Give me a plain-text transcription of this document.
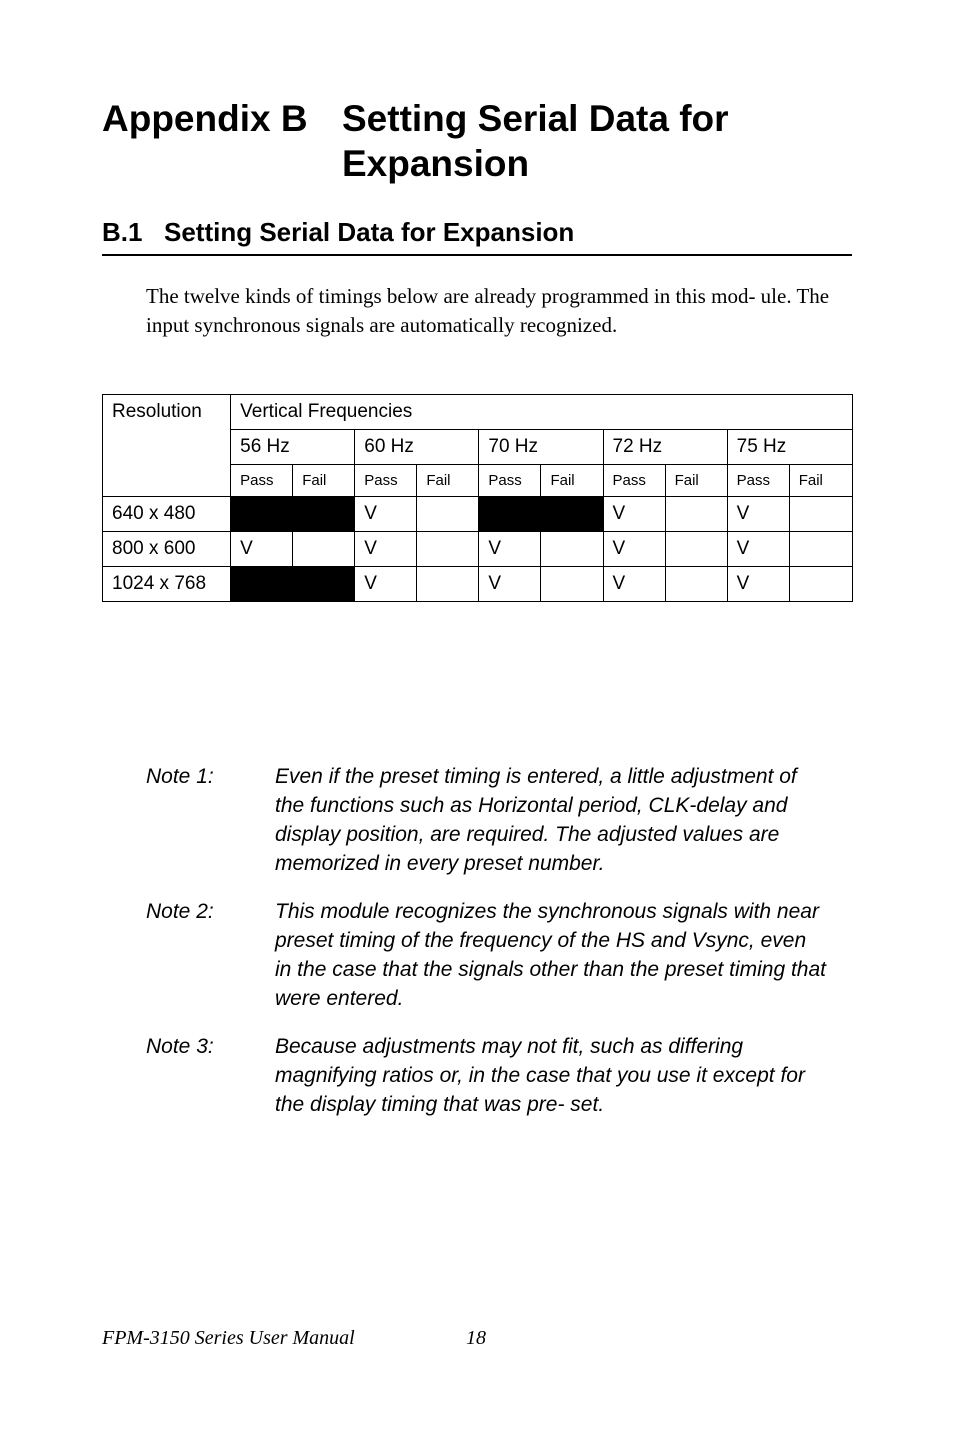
Appendix B Setting Serial Data for
Expansion
B.1 Setting Serial Data for Expansion

The twelve kinds of timings below are already programmed in this mod- ule. The input synchronous signals are automatically recognized.

Resolution	Vertical Frequencies									
	56 Hz		60 Hz		70 Hz		72 Hz		75 Hz	
	Pass	Fail	Pass	Fail	Pass	Fail	Pass	Fail	Pass	Fail
640 x 480			V				V		V	
800 x 600	V		V		V		V		V	
1024 x 768			V		V		V		V	
Note 1:	Even if the preset timing is entered, a little adjustment of the functions such as Horizontal period, CLK-delay and display position, are required. The adjusted values are memorized in every preset number.
Note 2:	This module recognizes the synchronous signals with near preset timing of the frequency of the HS and Vsync, even in the case that the signals other than the preset timing that were entered.
Note 3:	Because adjustments may not fit, such as differing magnifying ratios or, in the case that you use it except for the display timing that was pre- set.
FPM-3150 Series User Manual	18
